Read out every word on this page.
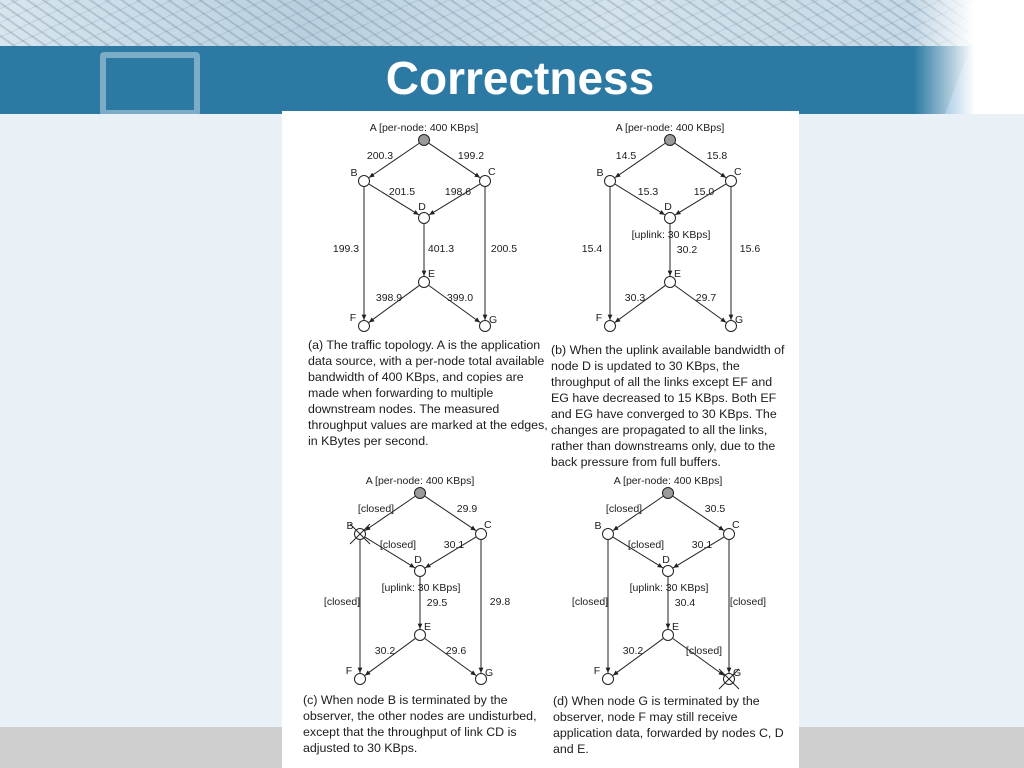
Correctness
A [per-node: 400 KBps]
B	C
D
E
F	G
200.3	199.2
201.5	198.6
199.3	200.5
401.3
398.9	399.0
A [per-node: 400 KBps]
B	C
D
E
F	G
14.5	15.8
15.3	15.0
15.4	15.6
[uplink: 30 KBps]
30.2
30.3	29.7
A [per-node: 400 KBps]
B	C
D
E
F	G
[closed]	29.9
[closed]	30.1
[closed]	29.8
[uplink: 30 KBps]
29.5
30.2	29.6
A [per-node: 400 KBps]
B	C
D
E
F	G
[closed]	30.5
[closed]	30.1
[closed]	[closed]
[uplink: 30 KBps]
30.4
30.2	[closed]

(a) The traffic topology. A is the application data source, with a per-node total available bandwidth of 400 KBps, and copies are made when forwarding to multiple downstream nodes. The measured throughput values are marked at the edges, in KBytes per second.

(b) When the uplink available bandwidth of node D is updated to 30 KBps, the throughput of all the links except EF and EG have decreased to 15 KBps. Both EF and EG have converged to 30 KBps. The changes are propagated to all the links, rather than downstreams only, due to the back pressure from full buffers.

(c) When node B is terminated by the observer, the other nodes are undisturbed, except that the throughput of link CD is adjusted to 30 KBps.

(d) When node G is terminated by the observer, node F may still receive application data, forwarded by nodes C, D and E.
